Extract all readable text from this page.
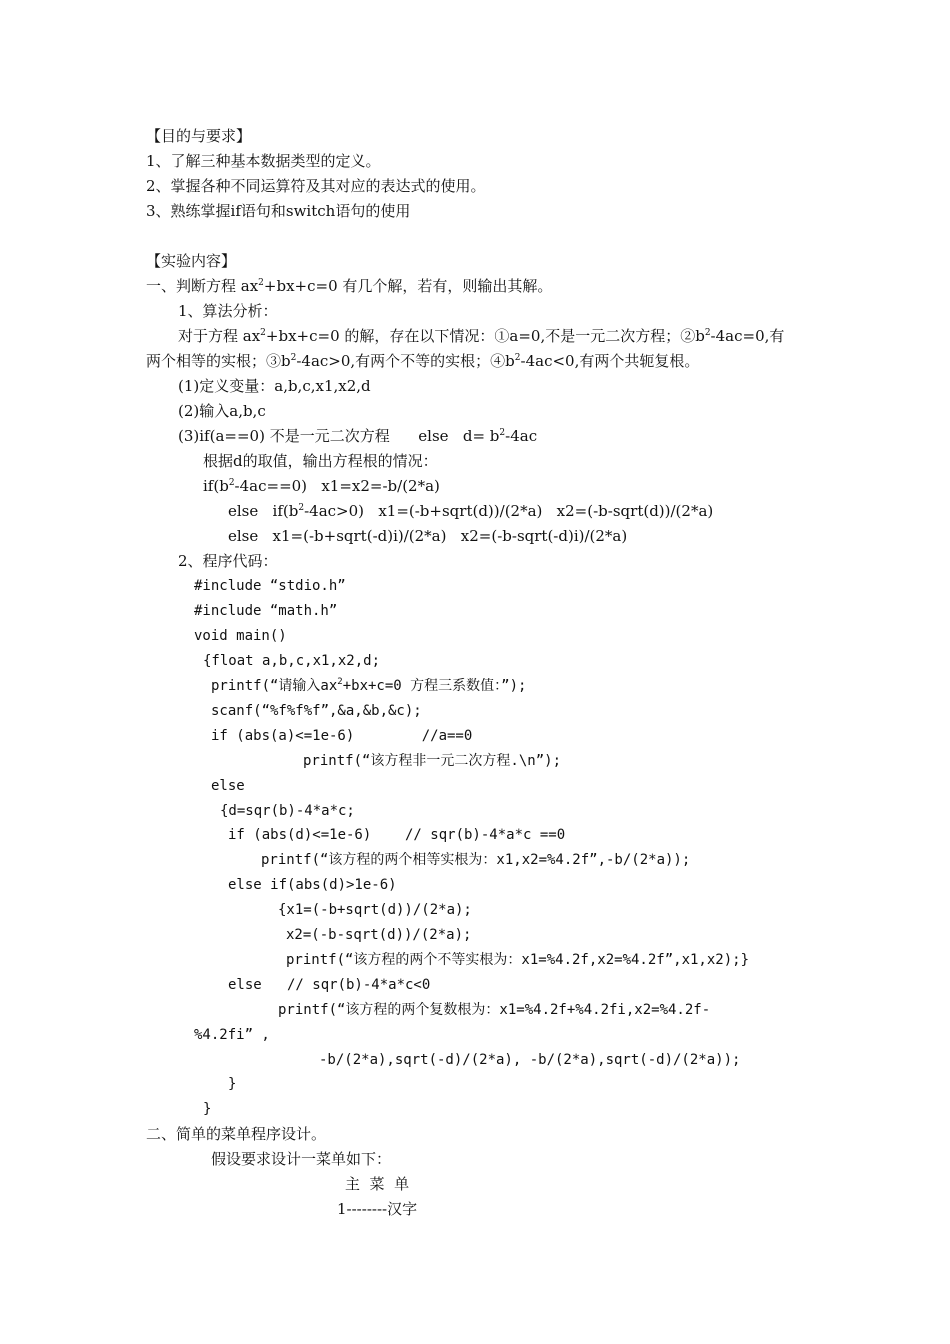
【目的与要求】
1、了解三种基本数据类型的定义。
2、掌握各种不同运算符及其对应的表达式的使用。
3、熟练掌握if语句和switch语句的使用
【实验内容】
一、判断方程 $ax^2+bx+c=0$ 有几个解，若有，则输出其解。
1、算法分析：
对于方程 $ax^2+bx+c=0$ 的解，存在以下情况：①a=0,不是一元二次方程；$②b^2-4ac=0$,有
两个相等的实根；$③b^2-4ac>0$,有两个不等的实根；$④b^2-4ac<0$,有两个共轭复根。
(1)定义变量：a,b,c,x1,x2,d
(2)输入a,b,c
(3)if(a==0) 不是一元二次方程      else   $d= b^2-4ac$
根据d的取值，输出方程根的情况：
$if(b^2-4ac==0)$   x1=x2=-b/(2*a)
else   $if(b^2-4ac>0)$   x1=(-b+sqrt(d))/(2*a)   x2=(-b-sqrt(d))/(2*a)
else   x1=(-b+sqrt(-d)i)/(2*a)   x2=(-b-sqrt(-d)i)/(2*a)
2、程序代码：
#include “stdio.h”
#include “math.h”
void main()
{float a,b,c,x1,x2,d;
printf(“请输入$ax^2+bx+c=0$ 方程三系数值：”);
scanf(“%f%f%f”,&a,&b,&c);
if (abs(a)<=1e-6)        //a==0
printf(“该方程非一元二次方程.\n”);
else
{d=sqr(b)-4*a*c;
if (abs(d)<=1e-6)    // sqr(b)-4*a*c ==0
printf(“该方程的两个相等实根为：x1,x2=%4.2f”,-b/(2*a));
else if(abs(d)>1e-6)
{x1=(-b+sqrt(d))/(2*a);
x2=(-b-sqrt(d))/(2*a);
printf(“该方程的两个不等实根为：x1=%4.2f,x2=%4.2f”,x1,x2);}
else   // sqr(b)-4*a*c<0
printf(“该方程的两个复数根为：x1=%4.2f+%4.2fi,x2=%4.2f-
%4.2fi” ,
-b/(2*a),sqrt(-d)/(2*a), -b/(2*a),sqrt(-d)/(2*a));
}
}
二、简单的菜单程序设计。
假设要求设计一菜单如下：
主  菜  单
1--------汉字
